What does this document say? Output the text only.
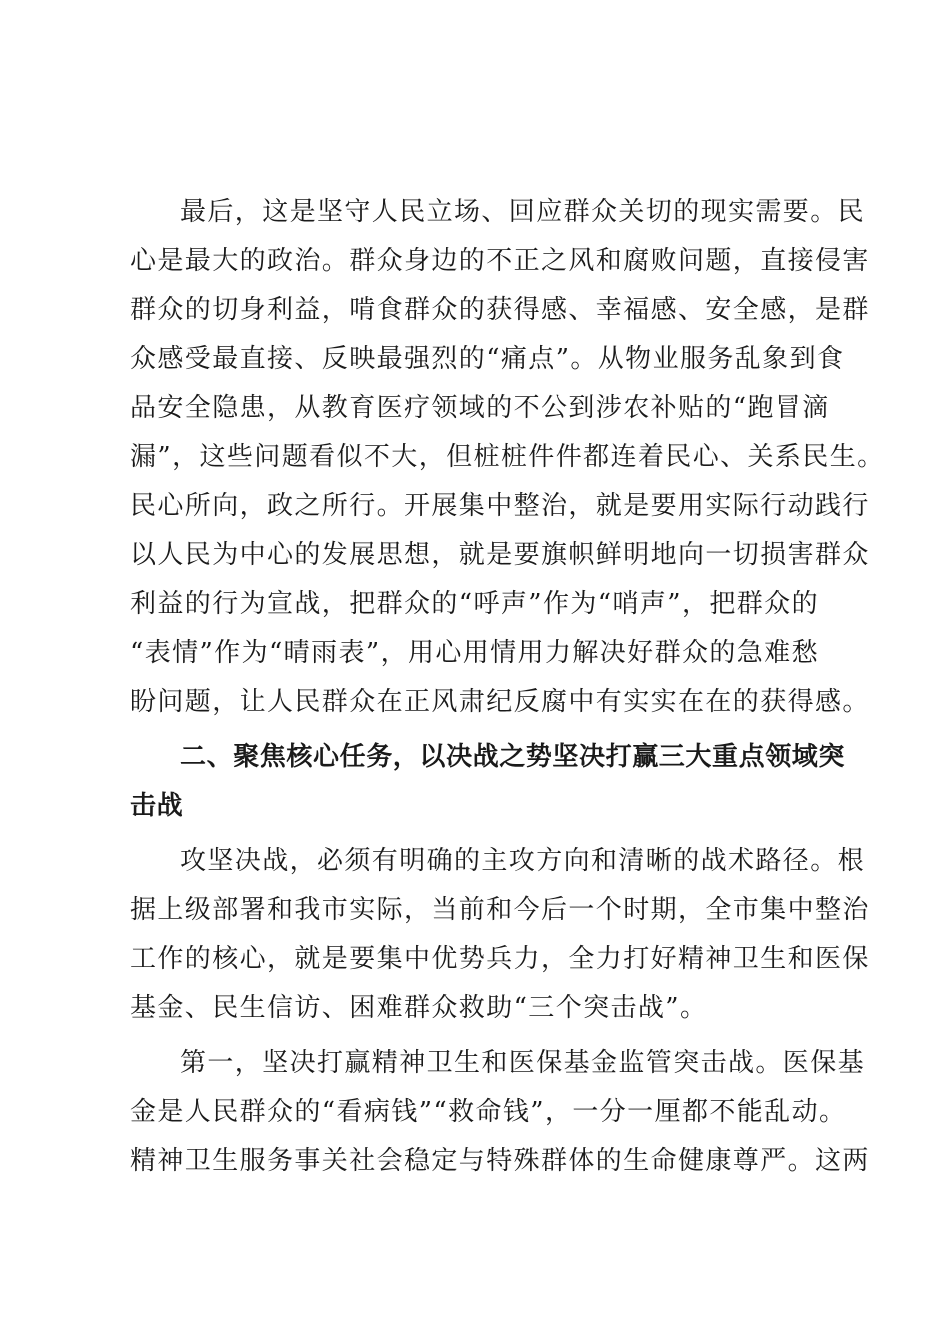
最后，这是坚守人民立场、回应群众关切的现实需要。民
心是最大的政治。群众身边的不正之风和腐败问题，直接侵害
群众的切身利益，啃食群众的获得感、幸福感、安全感，是群
众感受最直接、反映最强烈的“痛点”。从物业服务乱象到食
品安全隐患，从教育医疗领域的不公到涉农补贴的“跑冒滴
漏”，这些问题看似不大，但桩桩件件都连着民心、关系民生。
民心所向，政之所行。开展集中整治，就是要用实际行动践行
以人民为中心的发展思想，就是要旗帜鲜明地向一切损害群众
利益的行为宣战，把群众的“呼声”作为“哨声”，把群众的
“表情”作为“晴雨表”，用心用情用力解决好群众的急难愁
盼问题，让人民群众在正风肃纪反腐中有实实在在的获得感。
二、聚焦核心任务，以决战之势坚决打赢三大重点领域突
击战
攻坚决战，必须有明确的主攻方向和清晰的战术路径。根
据上级部署和我市实际，当前和今后一个时期，全市集中整治
工作的核心，就是要集中优势兵力，全力打好精神卫生和医保
基金、民生信访、困难群众救助“三个突击战”。
第一，坚决打赢精神卫生和医保基金监管突击战。医保基
金是人民群众的“看病钱”“救命钱”，一分一厘都不能乱动。
精神卫生服务事关社会稳定与特殊群体的生命健康尊严。这两
